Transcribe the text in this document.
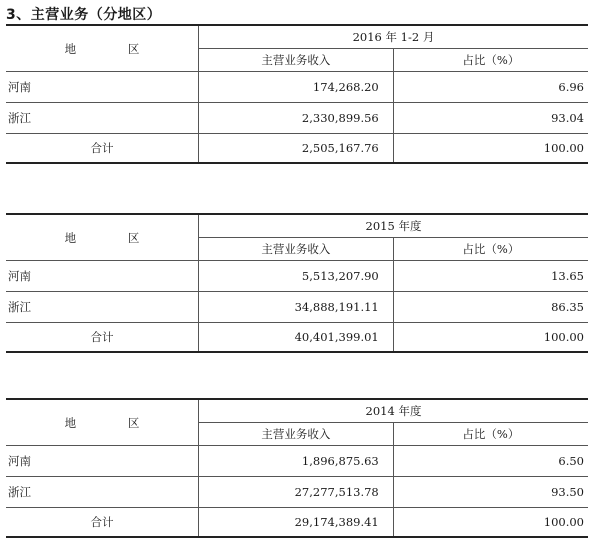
3、主营业务（分地区）
地 区	2016 年 1-2 月	
	主营业务收入	占比（%）
河南	174,268.20	6.96
浙江	2,330,899.56	93.04
合计	2,505,167.76	100.00
地 区	2015 年度	
	主营业务收入	占比（%）
河南	5,513,207.90	13.65
浙江	34,888,191.11	86.35
合计	40,401,399.01	100.00
地 区	2014 年度	
	主营业务收入	占比（%）
河南	1,896,875.63	6.50
浙江	27,277,513.78	93.50
合计	29,174,389.41	100.00
